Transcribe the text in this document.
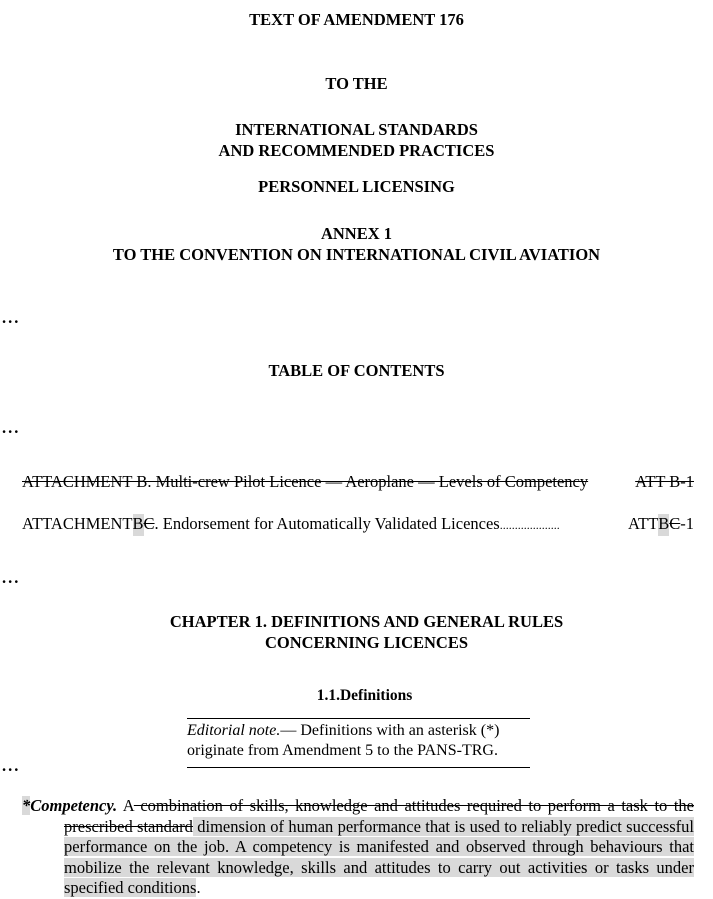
TEXT OF AMENDMENT 176
TO THE
INTERNATIONAL STANDARDS
AND RECOMMENDED PRACTICES
PERSONNEL LICENSING
ANNEX 1
TO THE CONVENTION ON INTERNATIONAL CIVIL AVIATION
...
TABLE OF CONTENTS
...
ATTACHMENT B. Multi-crew Pilot Licence — Aeroplane — Levels of Competency	ATT B-1
ATTACHMENT B C . Endorsement for Automatically Validated Licences ....................	ATT B C -1
...
CHAPTER 1. DEFINITIONS AND GENERAL RULES
CONCERNING LICENCES
1.1.Definitions
Editorial note.— Definitions with an asterisk (*) originate from Amendment 5 to the PANS-TRG.
...
*Competency. A combination of skills, knowledge and attitudes required to perform a task to the prescribed standard dimension of human performance that is used to reliably predict successful performance on the job. A competency is manifested and observed through behaviours that mobilize the relevant knowledge, skills and attitudes to carry out activities or tasks under specified conditions.
